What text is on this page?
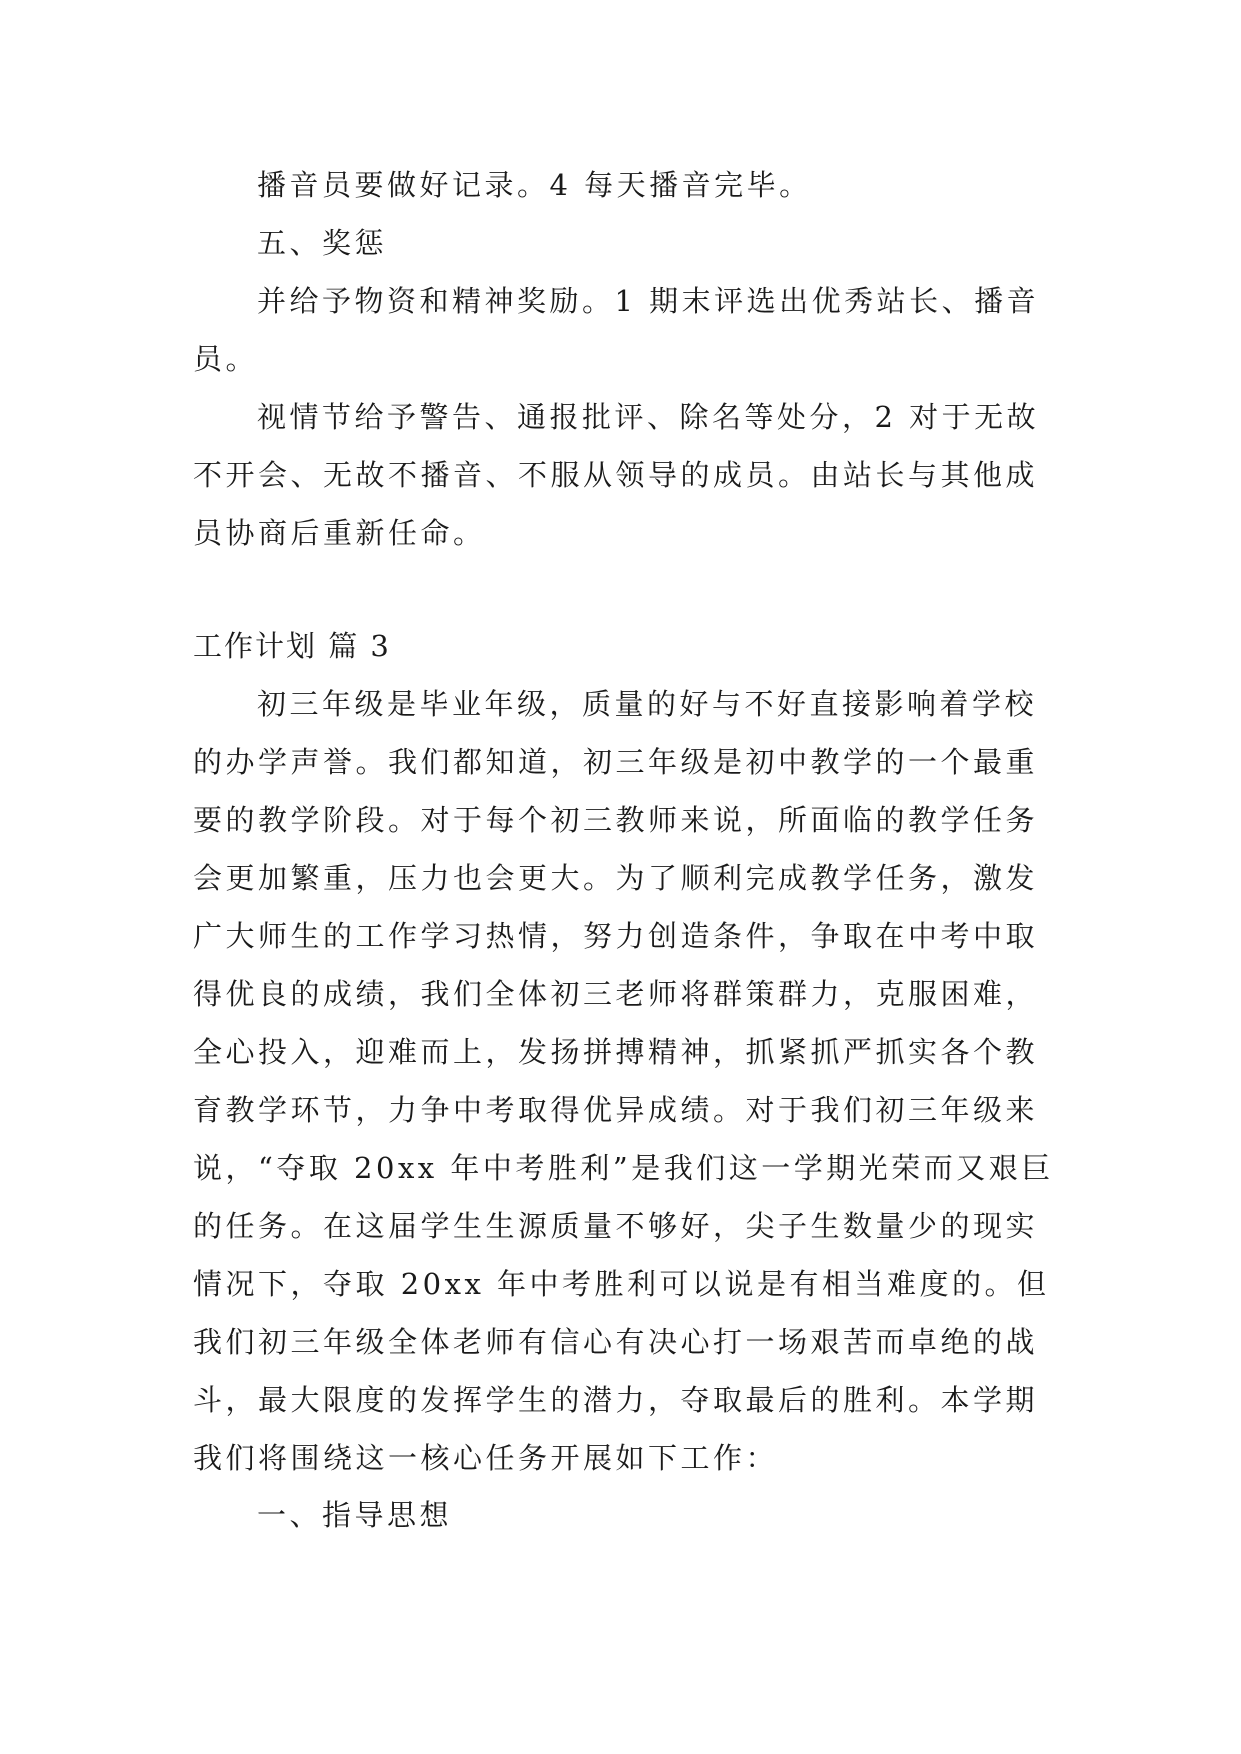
播音员要做好记录。4 每天播音完毕。

五、奖惩

并给予物资和精神奖励。1 期末评选出优秀站长、播音员。

视情节给予警告、通报批评、除名等处分，2 对于无故不开会、无故不播音、不服从领导的成员。由站长与其他成员协商后重新任命。

工作计划 篇 3

初三年级是毕业年级，质量的好与不好直接影响着学校的办学声誉。我们都知道，初三年级是初中教学的一个最重要的教学阶段。对于每个初三教师来说，所面临的教学任务会更加繁重，压力也会更大。为了顺利完成教学任务，激发广大师生的工作学习热情，努力创造条件，争取在中考中取得优良的成绩，我们全体初三老师将群策群力，克服困难，全心投入，迎难而上，发扬拼搏精神，抓紧抓严抓实各个教育教学环节，力争中考取得优异成绩。对于我们初三年级来说，“夺取 20xx 年中考胜利”是我们这一学期光荣而又艰巨的任务。在这届学生生源质量不够好，尖子生数量少的现实情况下，夺取 20xx 年中考胜利可以说是有相当难度的。但我们初三年级全体老师有信心有决心打一场艰苦而卓绝的战斗，最大限度的发挥学生的潜力，夺取最后的胜利。本学期我们将围绕这一核心任务开展如下工作：

一、指导思想
